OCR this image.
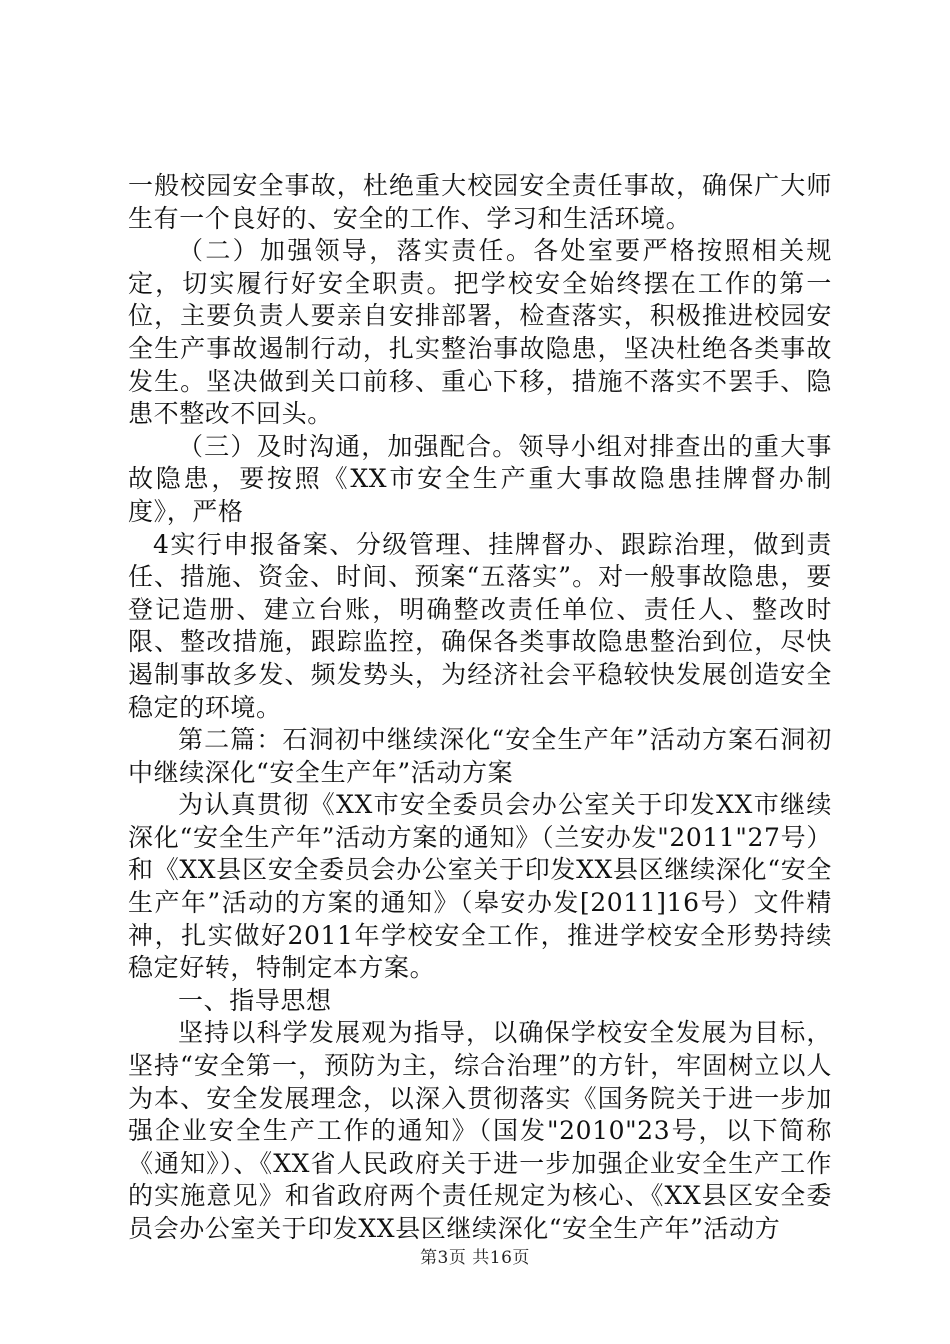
一般校园安全事故，杜绝重大校园安全责任事故，确保广大师生有一个良好的、安全的工作、学习和生活环境。

（二）加强领导，落实责任。各处室要严格按照相关规定，切实履行好安全职责。把学校安全始终摆在工作的第一位，主要负责人要亲自安排部署，检查落实，积极推进校园安全生产事故遏制行动，扎实整治事故隐患，坚决杜绝各类事故发生。坚决做到关口前移、重心下移，措施不落实不罢手、隐患不整改不回头。

（三）及时沟通，加强配合。领导小组对排查出的重大事故隐患，要按照《XX市安全生产重大事故隐患挂牌督办制度》，严格

4实行申报备案、分级管理、挂牌督办、跟踪治理，做到责任、措施、资金、时间、预案“五落实”。对一般事故隐患，要登记造册、建立台账，明确整改责任单位、责任人、整改时限、整改措施，跟踪监控，确保各类事故隐患整治到位，尽快遏制事故多发、频发势头，为经济社会平稳较快发展创造安全稳定的环境。

第二篇：石洞初中继续深化“安全生产年”活动方案石洞初中继续深化“安全生产年”活动方案

为认真贯彻《XX市安全委员会办公室关于印发XX市继续深化“安全生产年”活动方案的通知》（兰安办发"2011"27号）和《XX县区安全委员会办公室关于印发XX县区继续深化“安全生产年”活动的方案的通知》（皋安办发[2011]16号）文件精神，扎实做好2011年学校安全工作，推进学校安全形势持续稳定好转，特制定本方案。

一、指导思想

坚持以科学发展观为指导，以确保学校安全发展为目标，坚持“安全第一，预防为主，综合治理”的方针，牢固树立以人为本、安全发展理念，以深入贯彻落实《国务院关于进一步加强企业安全生产工作的通知》（国发"2010"23号，以下简称《通知》）、《XX省人民政府关于进一步加强企业安全生产工作的实施意见》和省政府两个责任规定为核心、《XX县区安全委员会办公室关于印发XX县区继续深化“安全生产年”活动方

第3页 共16页
